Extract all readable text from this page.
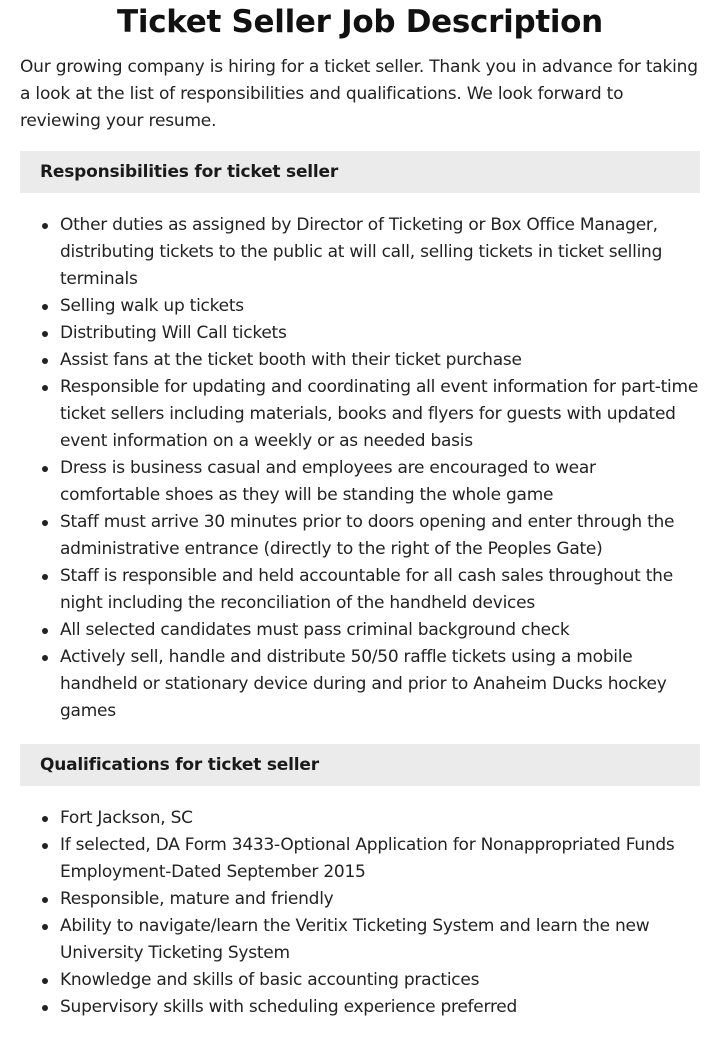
Ticket Seller Job Description

Our growing company is hiring for a ticket seller. Thank you in advance for taking a look at the list of responsibilities and qualifications. We look forward to reviewing your resume.

Responsibilities for ticket seller
Other duties as assigned by Director of Ticketing or Box Office Manager, distributing tickets to the public at will call, selling tickets in ticket selling terminals
Selling walk up tickets
Distributing Will Call tickets
Assist fans at the ticket booth with their ticket purchase
Responsible for updating and coordinating all event information for part-time ticket sellers including materials, books and flyers for guests with updated event information on a weekly or as needed basis
Dress is business casual and employees are encouraged to wear comfortable shoes as they will be standing the whole game
Staff must arrive 30 minutes prior to doors opening and enter through the administrative entrance (directly to the right of the Peoples Gate)
Staff is responsible and held accountable for all cash sales throughout the night including the reconciliation of the handheld devices
All selected candidates must pass criminal background check
Actively sell, handle and distribute 50/50 raffle tickets using a mobile handheld or stationary device during and prior to Anaheim Ducks hockey games
Qualifications for ticket seller
Fort Jackson, SC
If selected, DA Form 3433-Optional Application for Nonappropriated Funds Employment-Dated September 2015
Responsible, mature and friendly
Ability to navigate/learn the Veritix Ticketing System and learn the new University Ticketing System
Knowledge and skills of basic accounting practices
Supervisory skills with scheduling experience preferred
